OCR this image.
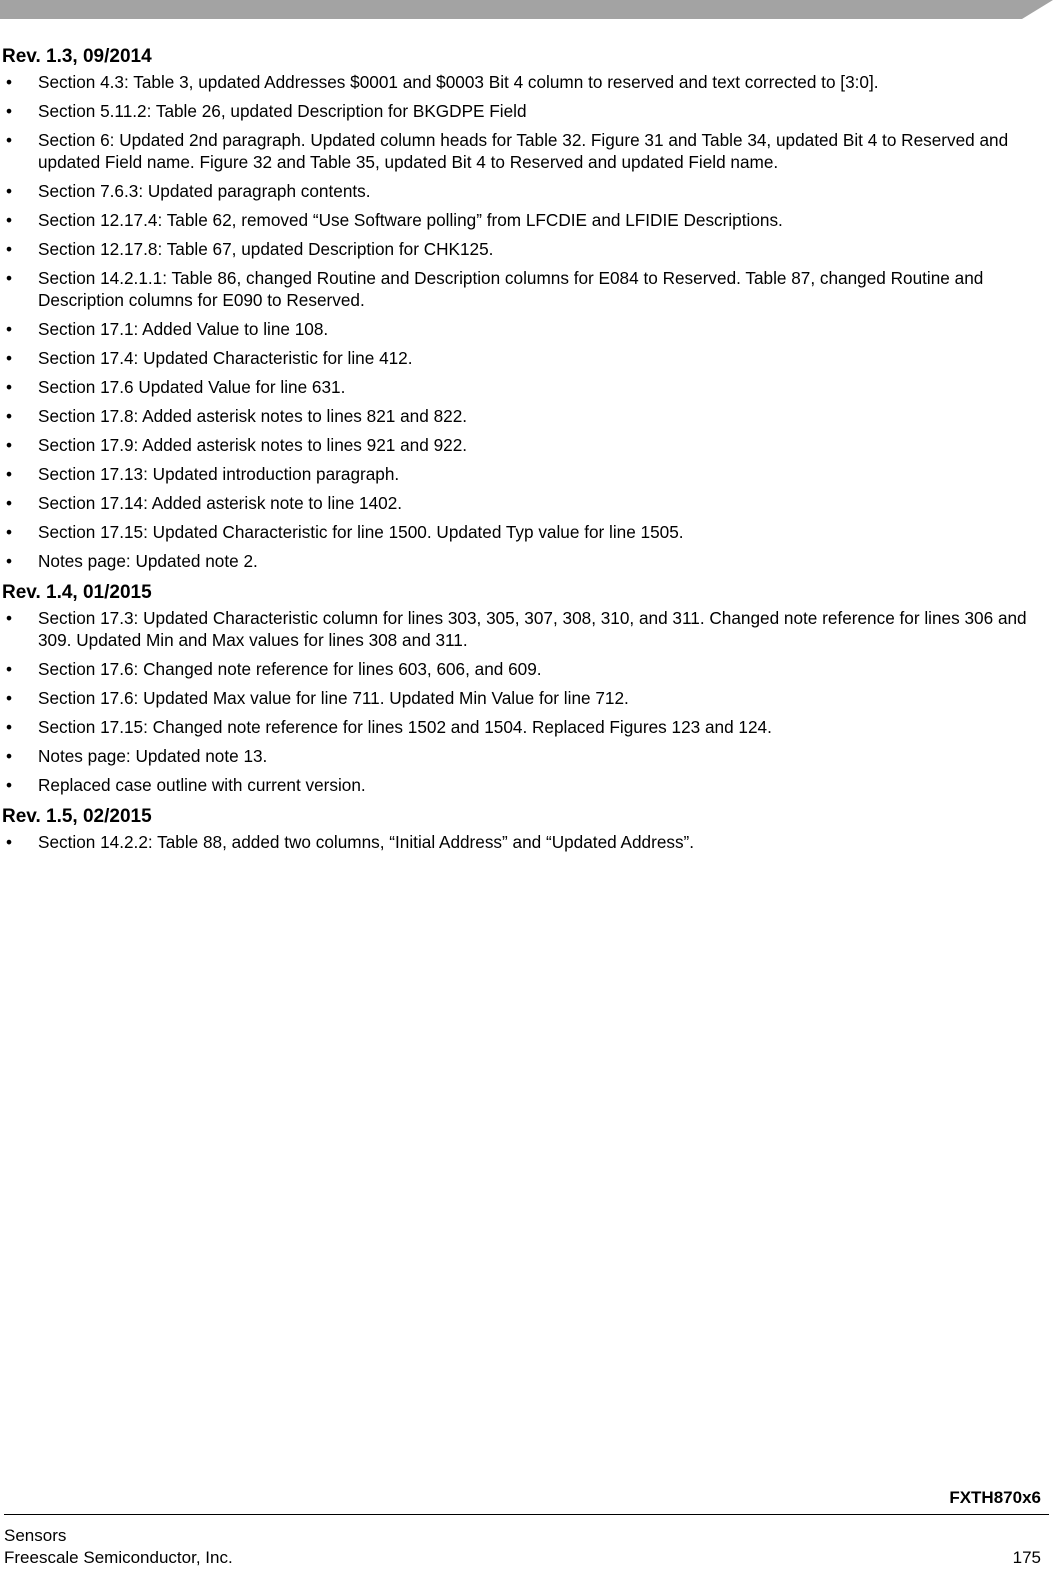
Rev. 1.3, 09/2014
• Section 4.3: Table 3, updated Addresses $0001 and $0003 Bit 4 column to reserved and text corrected to [3:0].
• Section 5.11.2: Table 26, updated Description for BKGDPE Field
• Section 6: Updated 2nd paragraph. Updated column heads for Table 32. Figure 31 and Table 34, updated Bit 4 to Reserved and updated Field name. Figure 32 and Table 35, updated Bit 4 to Reserved and updated Field name.
• Section 7.6.3: Updated paragraph contents.
• Section 12.17.4: Table 62, removed “Use Software polling” from LFCDIE and LFIDIE Descriptions.
• Section 12.17.8: Table 67, updated Description for CHK125.
• Section 14.2.1.1: Table 86, changed Routine and Description columns for E084 to Reserved. Table 87, changed Routine and Description columns for E090 to Reserved.
• Section 17.1: Added Value to line 108.
• Section 17.4: Updated Characteristic for line 412.
• Section 17.6 Updated Value for line 631.
• Section 17.8: Added asterisk notes to lines 821 and 822.
• Section 17.9: Added asterisk notes to lines 921 and 922.
• Section 17.13: Updated introduction paragraph.
• Section 17.14: Added asterisk note to line 1402.
• Section 17.15: Updated Characteristic for line 1500. Updated Typ value for line 1505.
• Notes page: Updated note 2.
Rev. 1.4, 01/2015
• Section 17.3: Updated Characteristic column for lines 303, 305, 307, 308, 310, and 311. Changed note reference for lines 306 and 309. Updated Min and Max values for lines 308 and 311.
• Section 17.6: Changed note reference for lines 603, 606, and 609.
• Section 17.6: Updated Max value for line 711. Updated Min Value for line 712.
• Section 17.15: Changed note reference for lines 1502 and 1504. Replaced Figures 123 and 124.
• Notes page: Updated note 13.
• Replaced case outline with current version.
Rev. 1.5, 02/2015
• Section 14.2.2: Table 88, added two columns, “Initial Address” and “Updated Address”.
FXTH870x6
Sensors
Freescale Semiconductor, Inc.	175
